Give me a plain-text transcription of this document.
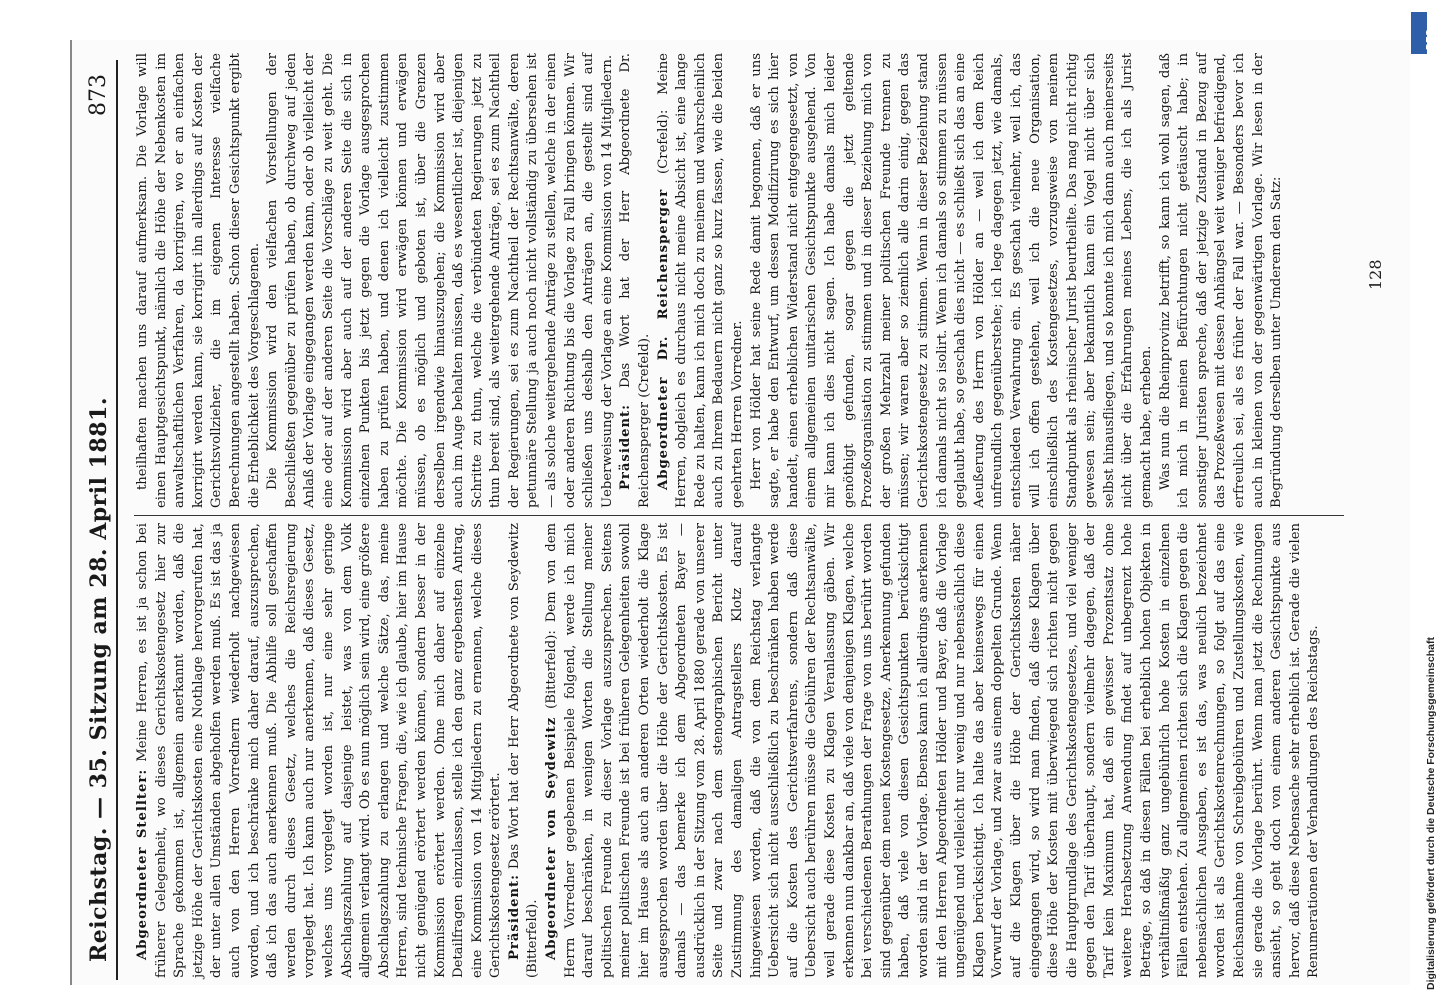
Reichstag. — 35. Sitzung am 28. April 1881.
873

Abgeordneter Stellter: Meine Herren, es ist ja schon bei früherer Gelegenheit, wo dieses Gerichtskostengesetz hier zur Sprache gekommen ist, allgemein anerkannt worden, daß die jetzige Höhe der Gerichtskosten eine Nothlage hervorgerufen hat, der unter allen Umständen abgeholfen werden muß. Es ist das ja auch von den Herren Vorrednern wiederholt nachgewiesen worden, und ich beschränke mich daher darauf, auszusprechen, daß ich das auch anerkennen muß. Die Abhilfe soll geschaffen werden durch dieses Gesetz, welches die Reichsregierung vorgelegt hat. Ich kann auch nur anerkennen, daß dieses Gesetz, welches uns vorgelegt worden ist, nur eine sehr geringe Abschlagszahlung auf dasjenige leistet, was von dem Volk allgemein verlangt wird. Ob es nun möglich sein wird, eine größere Abschlagszahlung zu erlangen und welche Sätze, das, meine Herren, sind technische Fragen, die, wie ich glaube, hier im Hause nicht genügend erörtert werden können, sondern besser in der Kommission erörtert werden. Ohne mich daher auf einzelne Detailfragen einzulassen, stelle ich den ganz ergebensten Antrag, eine Kommission von 14 Mitgliedern zu ernennen, welche dieses Gerichtskostengesetz erörtert. Präsident: Das Wort hat der Herr Abgeordnete von Seydewitz (Bitterfeld). Abgeordneter von Seydewitz (Bitterfeld): Dem von dem Herrn Vorredner gegebenen Beispiele folgend, werde ich mich darauf beschränken, in wenigen Worten die Stellung meiner politischen Freunde zu dieser Vorlage auszusprechen. Seitens meiner politischen Freunde ist bei früheren Gelegenheiten sowohl hier im Hause als auch an anderen Orten wiederholt die Klage ausgesprochen worden über die Höhe der Gerichtskosten. Es ist damals — das bemerke ich dem Abgeordneten Bayer — ausdrücklich in der Sitzung vom 28. April 1880 gerade von unserer Seite und zwar nach dem stenographischen Bericht unter Zustimmung des damaligen Antragstellers Klotz darauf hingewiesen worden, daß die von dem Reichstag verlangte Uebersicht sich nicht ausschließlich zu beschränken haben werde auf die Kosten des Gerichtsverfahrens, sondern daß diese Uebersicht auch berühren müsse die Gebühren der Rechtsanwälte, weil gerade diese Kosten zu Klagen Veranlassung gäben. Wir erkennen nun dankbar an, daß viele von denjenigen Klagen, welche bei verschiedenen Berathungen der Frage von uns berührt worden sind gegenüber dem neuen Kostengesetze, Anerkennung gefunden haben, daß viele von diesen Gesichtspunkten berücksichtigt worden sind in der Vorlage. Ebenso kann ich allerdings anerkennen mit den Herren Abgeordneten Hölder und Bayer, daß die Vorlage ungenügend und vielleicht nur wenig und nur nebensächlich diese Klagen berücksichtigt. Ich halte das aber keineswegs für einen Vorwurf der Vorlage, und zwar aus einem doppelten Grunde. Wenn auf die Klagen über die Höhe der Gerichtskosten näher eingegangen wird, so wird man finden, daß diese Klagen über diese Höhe der Kosten mit überwiegend sich richten nicht gegen die Hauptgrundlage des Gerichtskostengesetzes, und viel weniger gegen den Tarif überhaupt, sondern vielmehr dagegen, daß der Tarif kein Maximum hat, daß ein gewisser Prozentsatz ohne weitere Herabsetzung Anwendung findet auf unbegrenzt hohe Beträge, so daß in diesen Fällen bei erheblich hohen Objekten in verhältnißmäßig ganz ungebührlich hohe Kosten in einzelnen Fällen entstehen. Zu allgemeinen richten sich die Klagen gegen die nebensächlichen Ausgaben, es ist das, was neulich bezeichnet worden ist als Gerichtskostenrechnungen, so folgt auf das eine Reichsannahme von Schreibgebühren und Zustellungskosten, wie sie gerade die Vorlage berührt. Wenn man jetzt die Rechnungen ansieht, so geht doch von einem anderen Gesichtspunkte aus hervor, daß diese Nebensache sehr erheblich ist. Gerade die vielen Renumerationen der Verhandlungen des Reichstags.

theilhaften machen uns darauf aufmerksam. Die Vorlage will einen Hauptgesichtspunkt, nämlich die Höhe der Nebenkosten im anwaltschaftlichen Verfahren, da korrigiren, wo er an einfachen korrigirt werden kann, sie korrigirt ihn allerdings auf Kosten der Gerichtsvollzieher, die im eigenen Interesse vielfache Berechnungen angestellt haben. Schon dieser Gesichtspunkt ergibt die Erheblichkeit des Vorgeschlagenen. Die Kommission wird den vielfachen Vorstellungen der Beschließten gegenüber zu prüfen haben, ob durchweg auf jeden Anlaß der Vorlage eingegangen werden kann, oder ob vielleicht der eine oder auf der anderen Seite die Vorschläge zu weit geht. Die Kommission wird aber auch auf der anderen Seite die sich in einzelnen Punkten bis jetzt gegen die Vorlage ausgesprochen haben zu prüfen haben, und denen ich vielleicht zustimmen möchte. Die Kommission wird erwägen können und erwägen müssen, ob es möglich und geboten ist, über die Grenzen derselben irgendwie hinauszugehen; die Kommission wird aber auch im Auge behalten müssen, daß es wesentlicher ist, diejenigen Schritte zu thun, welche die verbündeten Regierungen jetzt zu thun bereit sind, als weitergehende Anträge, sei es zum Nachtheil der Regierungen, sei es zum Nachtheil der Rechtsanwälte, deren petunnäre Stellung ja auch noch nicht vollständig zu übersehen ist — als solche weitergehende Anträge zu stellen, welche in der einen oder anderen Richtung bis die Vorlage zu Fall bringen können. Wir schließen uns deshalb den Anträgen an, die gestellt sind auf Ueberweisung der Vorlage an eine Kommission von 14 Mitgliedern. Präsident: Das Wort hat der Herr Abgeordnete Dr. Reichensperger (Crefeld). Abgeordneter Dr. Reichensperger (Crefeld): Meine Herren, obgleich es durchaus nicht meine Absicht ist, eine lange Rede zu halten, kann ich mich doch zu meinem und wahrscheinlich auch zu Ihrem Bedauern nicht ganz so kurz fassen, wie die beiden geehrten Herren Vorredner. Herr von Hölder hat seine Rede damit begonnen, daß er uns sagte, er habe den Entwurf, um dessen Modifizirung es sich hier handelt, einen erheblichen Widerstand nicht entgegengesetzt, von einem allgemeinen unitarischen Gesichtspunkte ausgehend. Von mir kann ich dies nicht sagen. Ich habe damals mich leider genöthigt gefunden, sogar gegen die jetzt geltende Prozeßorganisation zu stimmen und in dieser Beziehung mich von der großen Mehrzahl meiner politischen Freunde trennen zu müssen; wir waren aber so ziemlich alle darin einig, gegen das Gerichtskostengesetz zu stimmen. Wenn in dieser Beziehung stand ich damals nicht so isolirt. Wenn ich damals so stimmen zu müssen geglaubt habe, so geschah dies nicht — es schließt sich das an eine Aeußerung des Herrn von Hölder an — weil ich dem Reich unfreundlich gegenüberstehe; ich lege dagegen jetzt, wie damals, entschieden Verwahrung ein. Es geschah vielmehr, weil ich, das will ich offen gestehen, weil ich die neue Organisation, einschließlich des Kostengesetzes, vorzugsweise von meinem Standpunkt als rheinischer Jurist beurtheilte. Das mag nicht richtig gewesen sein; aber bekanntlich kann ein Vogel nicht über sich selbst hinausfliegen, und so konnte ich mich dann auch meinerseits nicht über die Erfahrungen meines Lebens, die ich als Jurist gemacht habe, erheben. Was nun die Rheinprovinz betrifft, so kann ich wohl sagen, daß ich mich in meinen Befürchtungen nicht getäuscht habe; in sonstiger Juristen spreche, daß der jetzige Zustand in Bezug auf das Prozeßwesen mit dessen Anhängsel weit weniger befriedigend, erfreulich sei, als es früher der Fall war. — Besonders bevor ich auch in kleinen von der gegenwärtigen Vorlage. Wir lesen in der Begründung derselben unter Umderem den Satz:	128
Digitalisierung gefördert durch die Deutsche Forschungsgemeinschaft
DFG
